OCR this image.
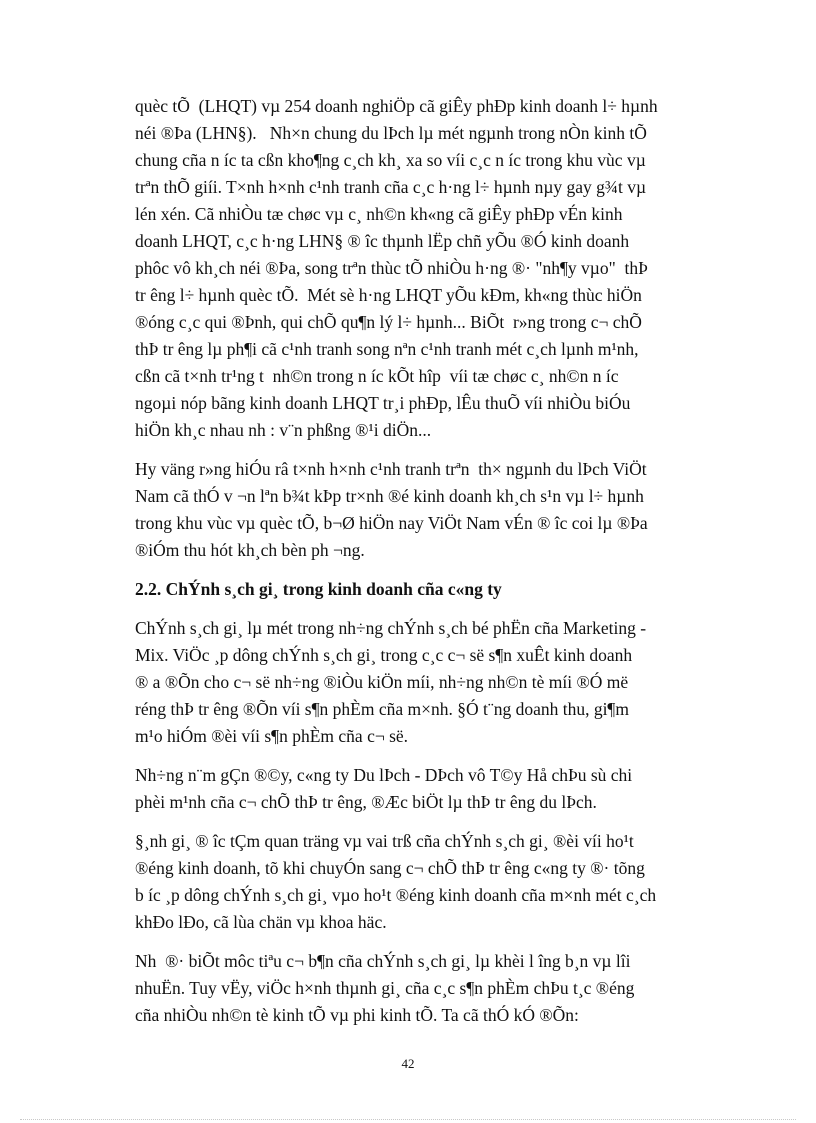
quèc tÕ  (LHQT) vµ 254 doanh nghiÖp cã giÊy phÐp kinh doanh l÷ hµnh
néi ®Þa (LHN§).   Nh×n chung du lÞch lµ mét ngµnh trong nÒn kinh tÕ
chung cña n íc ta cßn kho¶ng c¸ch kh¸ xa so víi c¸c n íc trong khu vùc vµ
trªn thÕ giíi. T×nh h×nh c¹nh tranh cña c¸c h·ng l÷ hµnh nµy gay g¾t vµ
lén xén. Cã nhiÒu tæ chøc vµ c¸ nh©n kh«ng cã giÊy phÐp vÉn kinh
doanh LHQT, c¸c h·ng LHN§ ® îc thµnh lËp chñ yÕu ®Ó kinh doanh
phôc vô kh¸ch néi ®Þa, song trªn thùc tÕ nhiÒu h·ng ®· "nh¶y vµo"  thÞ
tr êng l÷ hµnh quèc tÕ.  Mét sè h·ng LHQT yÕu kÐm, kh«ng thùc hiÖn
®óng c¸c qui ®Þnh, qui chÕ qu¶n lý l÷ hµnh... BiÕt  r»ng trong c¬ chÕ
thÞ tr êng lµ ph¶i cã c¹nh tranh song nªn c¹nh tranh mét c¸ch lµnh m¹nh,
cßn cã t×nh tr¹ng t  nh©n trong n íc kÕt hîp  víi tæ chøc c¸ nh©n n íc
ngoµi nóp bãng kinh doanh LHQT tr¸i phÐp, lÊu thuÕ víi nhiÒu biÓu
hiÖn kh¸c nhau nh : v¨n phßng ®¹i diÖn...
Hy väng r»ng hiÓu râ t×nh h×nh c¹nh tranh trªn  th× ngµnh du lÞch ViÖt
Nam cã thÓ v ¬n lªn b¾t kÞp tr×nh ®é kinh doanh kh¸ch s¹n vµ l÷ hµnh
trong khu vùc vµ quèc tÕ, b¬Ø hiÖn nay ViÖt Nam vÉn ® îc coi lµ ®Þa
®iÓm thu hót kh¸ch bèn ph ¬ng.
2.2. ChÝnh s¸ch gi¸ trong kinh doanh cña c«ng ty
ChÝnh s¸ch gi¸ lµ mét trong nh÷ng chÝnh s¸ch bé phËn cña Marketing -
Mix. ViÖc ¸p dông chÝnh s¸ch gi¸ trong c¸c c¬ së s¶n xuÊt kinh doanh
® a ®Õn cho c¬ së nh÷ng ®iÒu kiÖn míi, nh÷ng nh©n tè míi ®Ó më
réng thÞ tr êng ®Õn víi s¶n phÈm cña m×nh. §Ó t¨ng doanh thu, gi¶m
m¹o hiÓm ®èi víi s¶n phÈm cña c¬ së.
Nh÷ng n¨m gÇn ®©y, c«ng ty Du lÞch - DÞch vô T©y Hå chÞu sù chi
phèi m¹nh cña c¬ chÕ thÞ tr êng, ®Æc biÖt lµ thÞ tr êng du lÞch.
§¸nh gi¸ ® îc tÇm quan träng vµ vai trß cña chÝnh s¸ch gi¸ ®èi víi ho¹t
®éng kinh doanh, tõ khi chuyÓn sang c¬ chÕ thÞ tr êng c«ng ty ®· tõng
b íc ¸p dông chÝnh s¸ch gi¸ vµo ho¹t ®éng kinh doanh cña m×nh mét c¸ch
khÐo lÐo, cã lùa chän vµ khoa häc.
Nh  ®· biÕt môc tiªu c¬ b¶n cña chÝnh s¸ch gi¸ lµ khèi l îng b¸n vµ lîi
nhuËn. Tuy vËy, viÖc h×nh thµnh gi¸ cña c¸c s¶n phÈm chÞu t¸c ®éng
cña nhiÒu nh©n tè kinh tÕ vµ phi kinh tÕ. Ta cã thÓ kÓ ®Õn:
42
